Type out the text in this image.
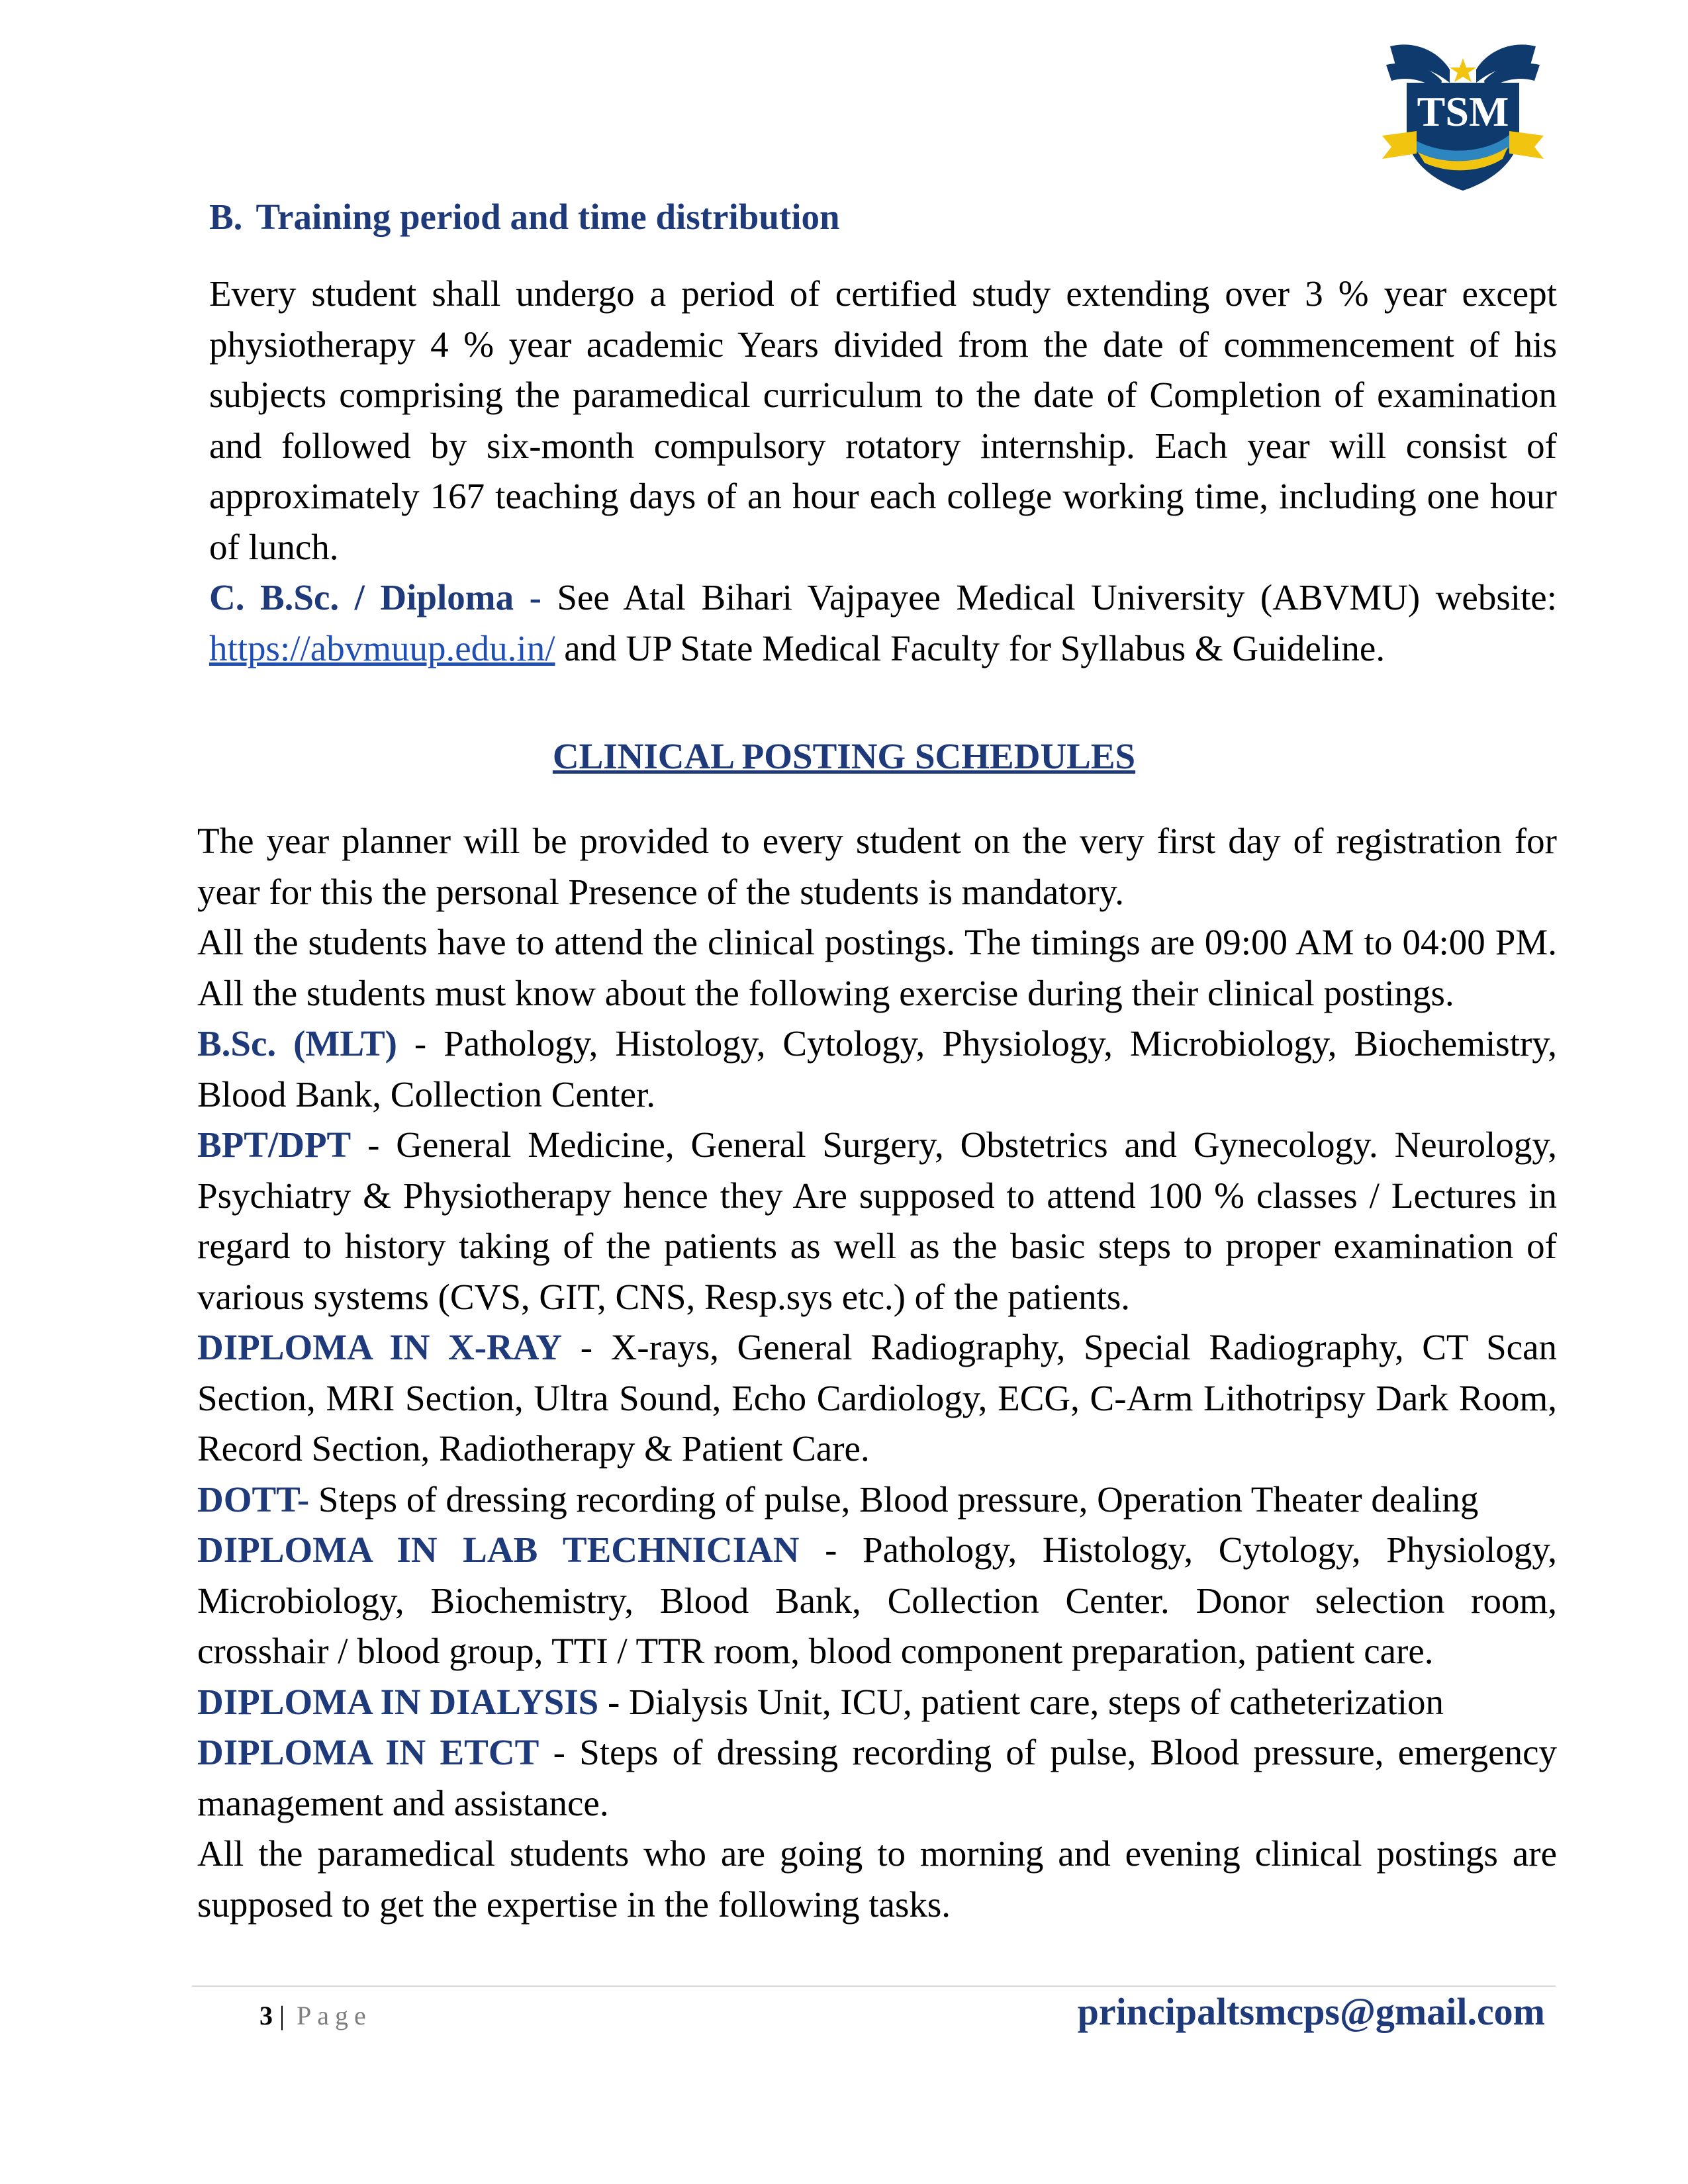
TSM
B. Training period and time distribution

Every student shall undergo a period of certified study extending over 3 % year except physiotherapy 4 % year academic Years divided from the date of commencement of his subjects comprising the paramedical curriculum to the date of Completion of examination and followed by six-month compulsory rotatory internship. Each year will consist of approximately 167 teaching days of an hour each college working time, including one hour of lunch.

C. B.Sc. / Diploma - See Atal Bihari Vajpayee Medical University (ABVMU) website: https://abvmuup.edu.in/ and UP State Medical Faculty for Syllabus & Guideline.

CLINICAL POSTING SCHEDULES

The year planner will be provided to every student on the very first day of registration for year for this the personal Presence of the students is mandatory.

All the students have to attend the clinical postings. The timings are 09:00 AM to 04:00 PM. All the students must know about the following exercise during their clinical postings.

B.Sc. (MLT) - Pathology, Histology, Cytology, Physiology, Microbiology, Biochemistry, Blood Bank, Collection Center.

BPT/DPT - General Medicine, General Surgery, Obstetrics and Gynecology. Neurology, Psychiatry & Physiotherapy hence they Are supposed to attend 100 % classes / Lectures in regard to history taking of the patients as well as the basic steps to proper examination of various systems (CVS, GIT, CNS, Resp.sys etc.) of the patients.

DIPLOMA IN X-RAY - X-rays, General Radiography, Special Radiography, CT Scan Section, MRI Section, Ultra Sound, Echo Cardiology, ECG, C-Arm Lithotripsy Dark Room, Record Section, Radiotherapy & Patient Care.

DOTT- Steps of dressing recording of pulse, Blood pressure, Operation Theater dealing

DIPLOMA IN LAB TECHNICIAN - Pathology, Histology, Cytology, Physiology, Microbiology, Biochemistry, Blood Bank, Collection Center. Donor selection room, crosshair / blood group, TTI / TTR room, blood component preparation, patient care.

DIPLOMA IN DIALYSIS - Dialysis Unit, ICU, patient care, steps of catheterization

DIPLOMA IN ETCT - Steps of dressing recording of pulse, Blood pressure, emergency management and assistance.

All the paramedical students who are going to morning and evening clinical postings are supposed to get the expertise in the following tasks.

3 | Page	principaltsmcps@gmail.com
